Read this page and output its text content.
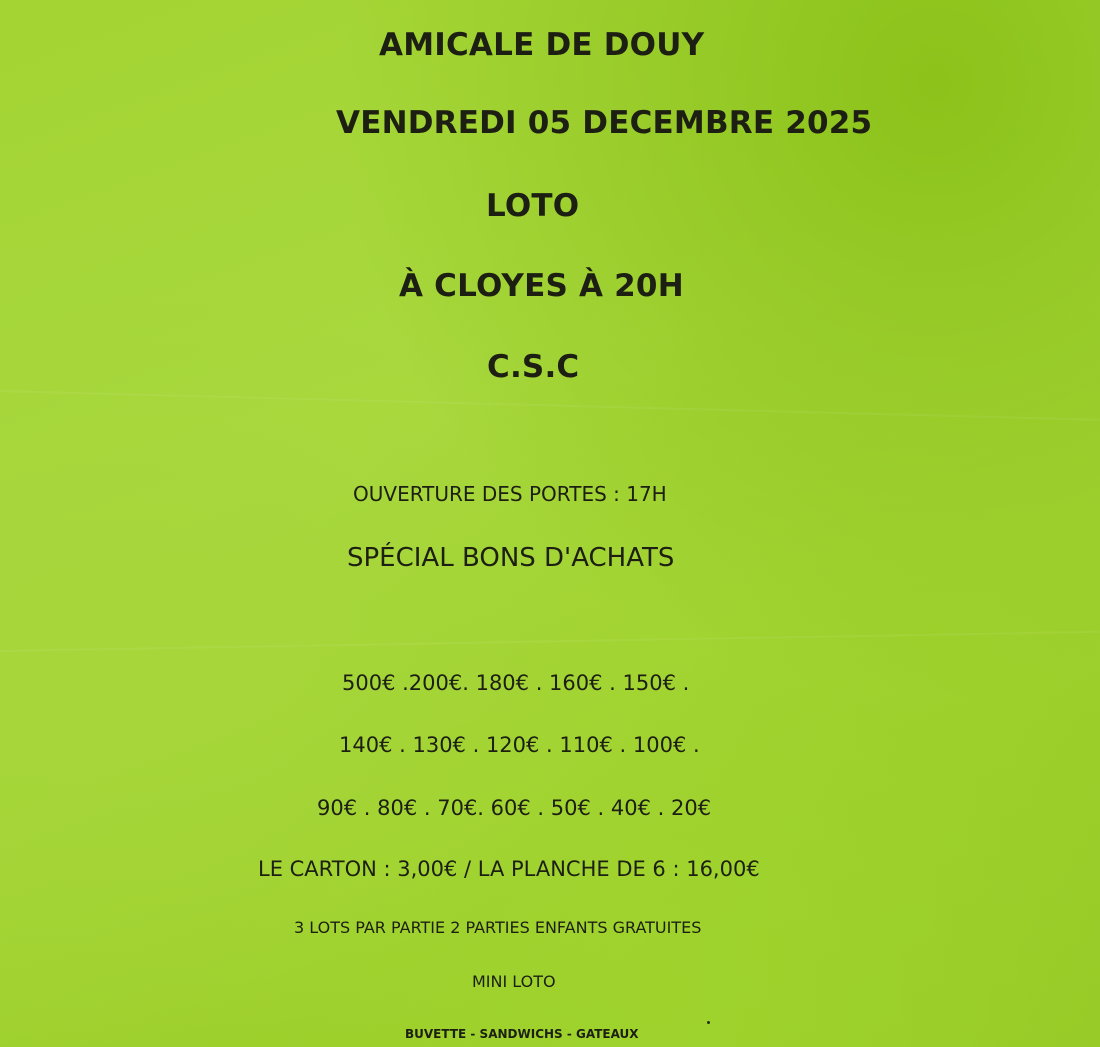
AMICALE DE DOUY
VENDREDI 05 DECEMBRE 2025
LOTO
À CLOYES À 20H
C.S.C
OUVERTURE DES PORTES : 17H
SPÉCIAL BONS D'ACHATS
500€ .200€. 180€ . 160€ . 150€ .
140€ . 130€ . 120€ . 110€ . 100€ .
90€ . 80€ . 70€. 60€ . 50€ . 40€ . 20€
LE CARTON : 3,00€ / LA PLANCHE DE 6 : 16,00€
3 LOTS PAR PARTIE 2 PARTIES ENFANTS GRATUITES
MINI LOTO
BUVETTE - SANDWICHS - GATEAUX
